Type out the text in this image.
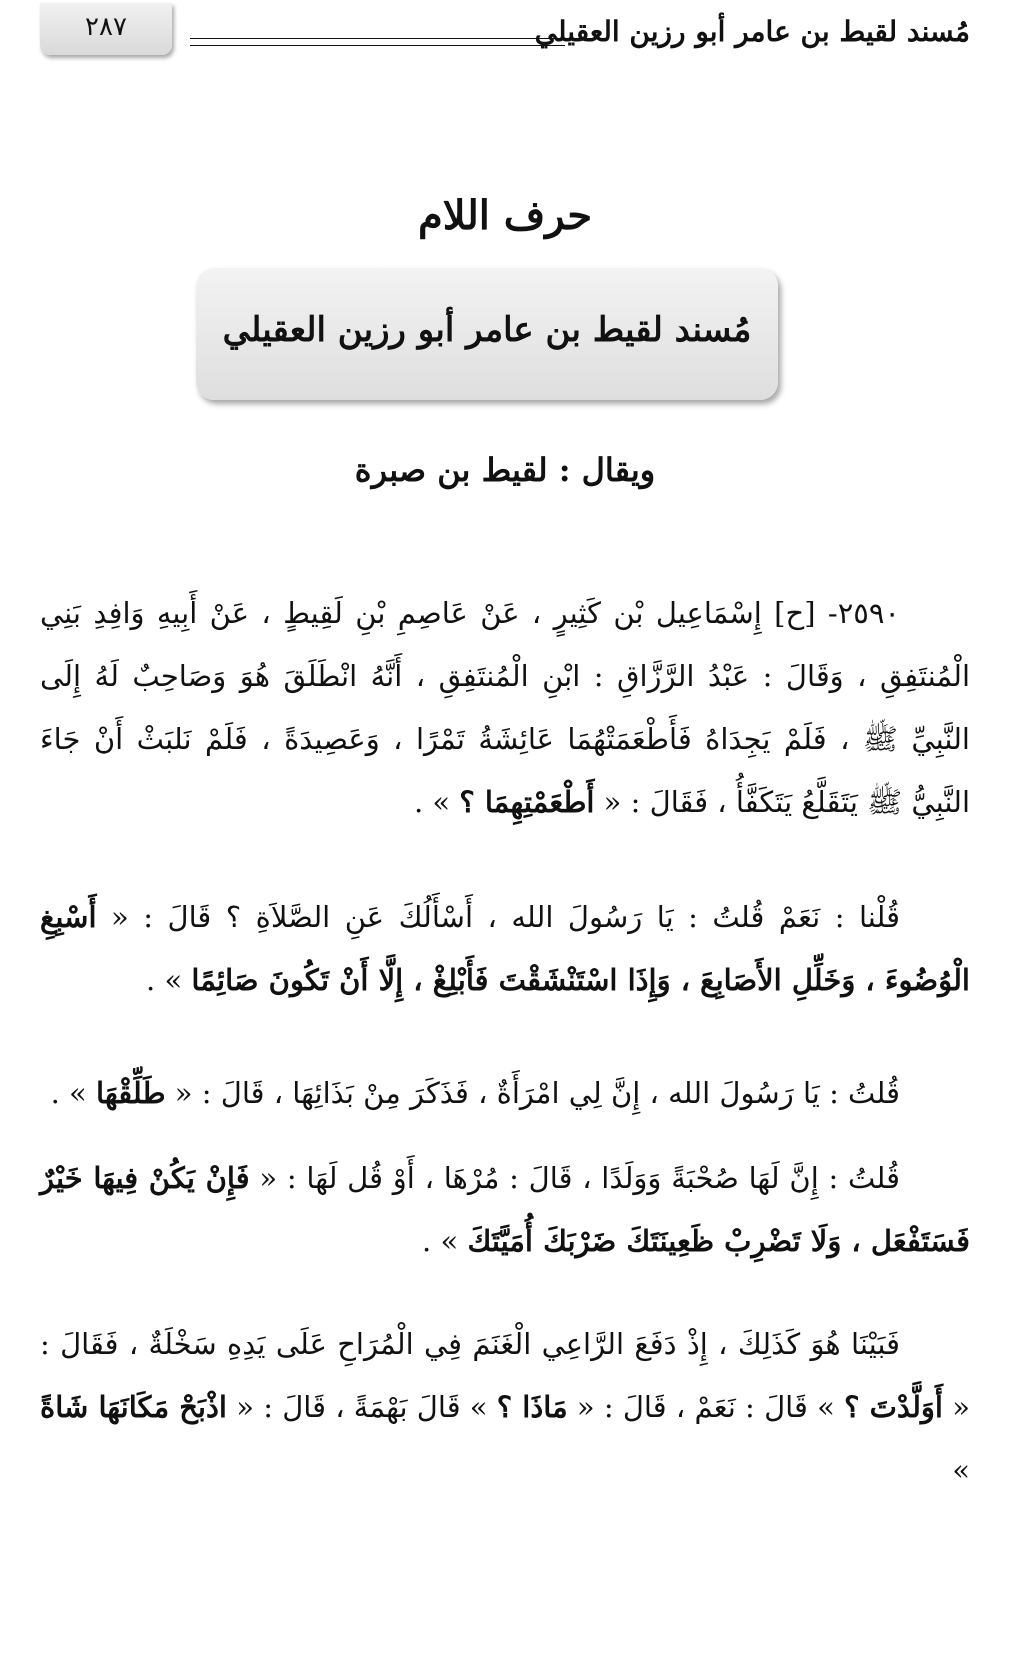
مُسند لقيط بن عامر أبو رزين العقيلي
٢٨٧
حرف اللام
مُسند لقيط بن عامر أبو رزين العقيلي
ويقال : لقيط بن صبرة

٢٥٩٠- [ح] إِسْمَاعِيل بْن كَثِيرٍ ، عَنْ عَاصِمِ بْنِ لَقِيطٍ ، عَنْ أَبِيهِ وَافِدِ بَنِي الْمُنتَفِقِ ، وَقَالَ : عَبْدُ الرَّزَّاقِ : ابْنِ الْمُنتَفِقِ ، أَنَّهُ انْطَلَقَ هُوَ وَصَاحِبٌ لَهُ إِلَى النَّبِيِّ ﷺ ، فَلَمْ يَجِدَاهُ فَأَطْعَمَتْهُمَا عَائِشَةُ تَمْرًا ، وَعَصِيدَةً ، فَلَمْ نَلبَثْ أَنْ جَاءَ النَّبِيُّ ﷺ يَتَقَلَّعُ يَتَكَفَّأُ ، فَقَالَ : « أَطْعَمْتِهِمَا ؟ » .

قُلْنا : نَعَمْ قُلتُ : يَا رَسُولَ الله ، أَسْأَلُكَ عَنِ الصَّلاَةِ ؟ قَالَ : « أَسْبِغِ الْوُضُوءَ ، وَخَلِّلِ الأَصَابِعَ ، وَإِذَا اسْتَنْشَقْتَ فَأَبْلِغْ ، إِلَّا أَنْ تَكُونَ صَائِمًا » .

قُلتُ : يَا رَسُولَ الله ، إِنَّ لِي امْرَأَةٌ ، فَذَكَرَ مِنْ بَذَائِهَا ، قَالَ : « طَلِّقْهَا » .

قُلتُ : إِنَّ لَهَا صُحْبَةً وَوَلَدًا ، قَالَ : مُرْهَا ، أَوْ قُل لَهَا : « فَإِنْ يَكُنْ فِيهَا خَيْرٌ فَسَتَفْعَل ، وَلَا تَضْرِبْ ظَعِينَتَكَ ضَرْبَكَ أُمَيَّتَكَ » .

فَبَيْنَا هُوَ كَذَلِكَ ، إِذْ دَفَعَ الرَّاعِي الْغَنَمَ فِي الْمُرَاحِ عَلَى يَدِهِ سَخْلَةٌ ، فَقَالَ : « أَوَلَّدْتَ ؟ » قَالَ : نَعَمْ ، قَالَ : « مَاذَا ؟ » قَالَ بَهْمَةً ، قَالَ : « اذْبَحْ مَكَانَهَا شَاةً »
